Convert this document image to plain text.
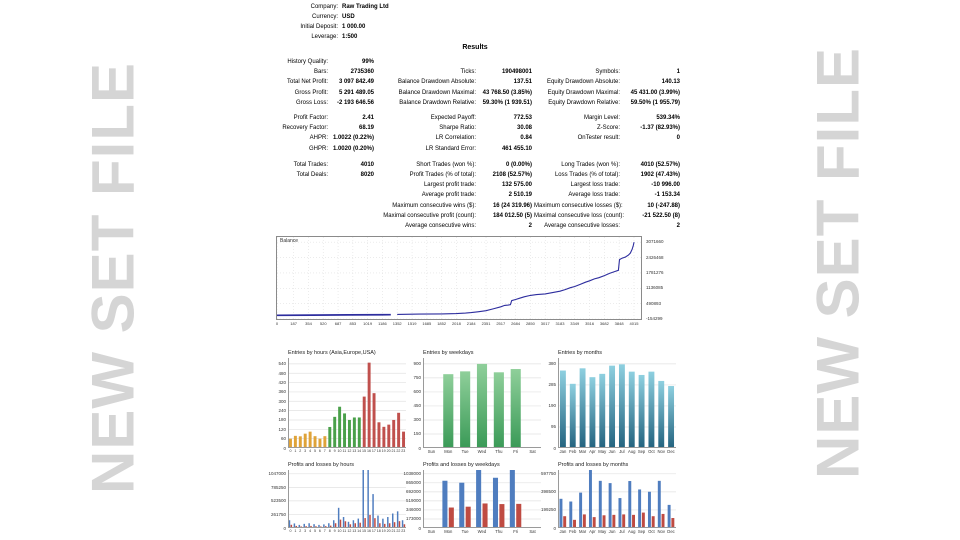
NEW SET FILE	NEW SET FILE
Company: Raw Trading Ltd
Currency: USD
Initial Deposit: 1 000.00
Leverage: 1:500
Results
History Quality:	99%
Bars:	2735360	Ticks:	190498001	Symbols:	1
Total Net Profit:	3 097 842.49	Balance Drawdown Absolute:	137.51	Equity Drawdown Absolute:	140.13
Gross Profit:	5 291 489.05	Balance Drawdown Maximal:	43 768.50 (3.85%)	Equity Drawdown Maximal:	45 431.00 (3.99%)
Gross Loss:	-2 193 646.56	Balance Drawdown Relative:	59.30% (1 939.51)	Equity Drawdown Relative:	59.50% (1 955.79)
Profit Factor:	2.41	Expected Payoff:	772.53	Margin Level:	539.34%
Recovery Factor:	68.19	Sharpe Ratio:	30.08	Z-Score:	-1.37 (82.93%)
AHPR: 1.0022 (0.22%)	LR Correlation:	0.84	OnTester result:	0
GHPR: 1.0020 (0.20%)	LR Standard Error:	461 455.10
Total Trades:	4010	Short Trades (won %):	0 (0.00%)	Long Trades (won %):	4010 (52.57%)
Total Deals:	8020	Profit Trades (% of total):	2108 (52.57%)	Loss Trades (% of total):	1902 (47.43%)
Largest profit trade:	132 575.00	Largest loss trade:	-10 996.00
Average profit trade:	2 510.19	Average loss trade:	-1 153.34
Maximum consecutive wins ($):	16 (24 319.96) Maximum consecutive losses ($):	10 (-247.88)
Maximal consecutive profit (count):	184 012.50 (5) Maximal consecutive loss (count):	-21 522.50 (8)
Average consecutive wins:	2	Average consecutive losses:	2
Balance
-154299
490893
1136085
1781276
2426468
3071660
0	187 354 520 687 853 1019 1186 1352 1519 1685 1852 2018 2184 2351 2517 2684 2850 3017 3183 3349 3516 3682 3848 4015
Entries by hours (Asia,Europe,USA)
0
60
120
180
240
300
360
420
480
540
0 1 2 3 4 5 6 7 8 9 10 11 12 13 14 15 16 17 18 19 20 21 22 23
Entries by weekdays
0
150
300
450
600
750
900
Sun	Mon	Tue	Wed	Thu	Fri	Sat
Entries by months
0
95
190
285
380
Jan Feb Mar Apr May Jun Jul Aug Sep Oct Nov Dec
Profits and losses by hours
0
261750
523500
785250
1047000
0 1 2 3 4 5 6 7 8 9 10 11 12 13 14 15 16 17 18 19 20 21 22 23
Profits and losses by weekdays
0
173000
346000
519000
692000
865000
1038000
Sun	Mon	Tue	Wed	Thu	Fri	Sat
Profits and losses by months
0
199250
398500
597750
Jan Feb Mar Apr May Jun Jul Aug Sep Oct Nov Dec
